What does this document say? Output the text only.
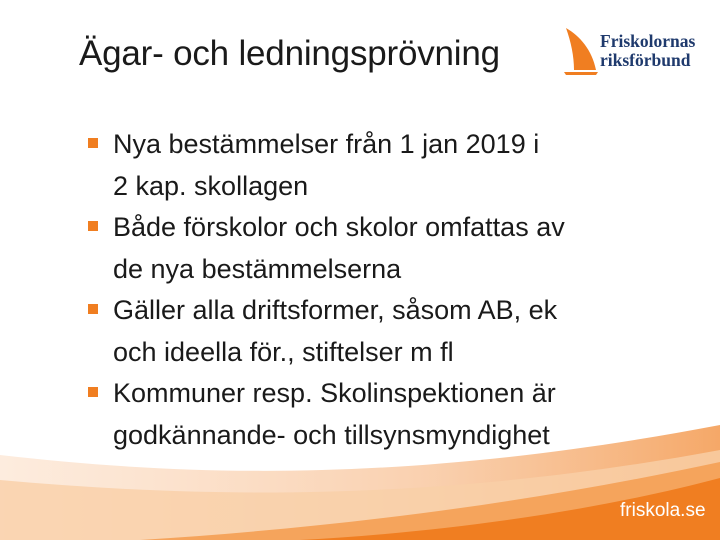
Ägar- och ledningsprövning	Friskolornas
riksförbund
Nya bestämmelser från 1 jan 2019 i
2 kap. skollagen
Både förskolor och skolor omfattas av
de nya bestämmelserna
Gäller alla driftsformer, såsom AB, ek
och ideella för., stiftelser m fl
Kommuner resp. Skolinspektionen är
godkännande- och tillsynsmyndighet
friskola.se
